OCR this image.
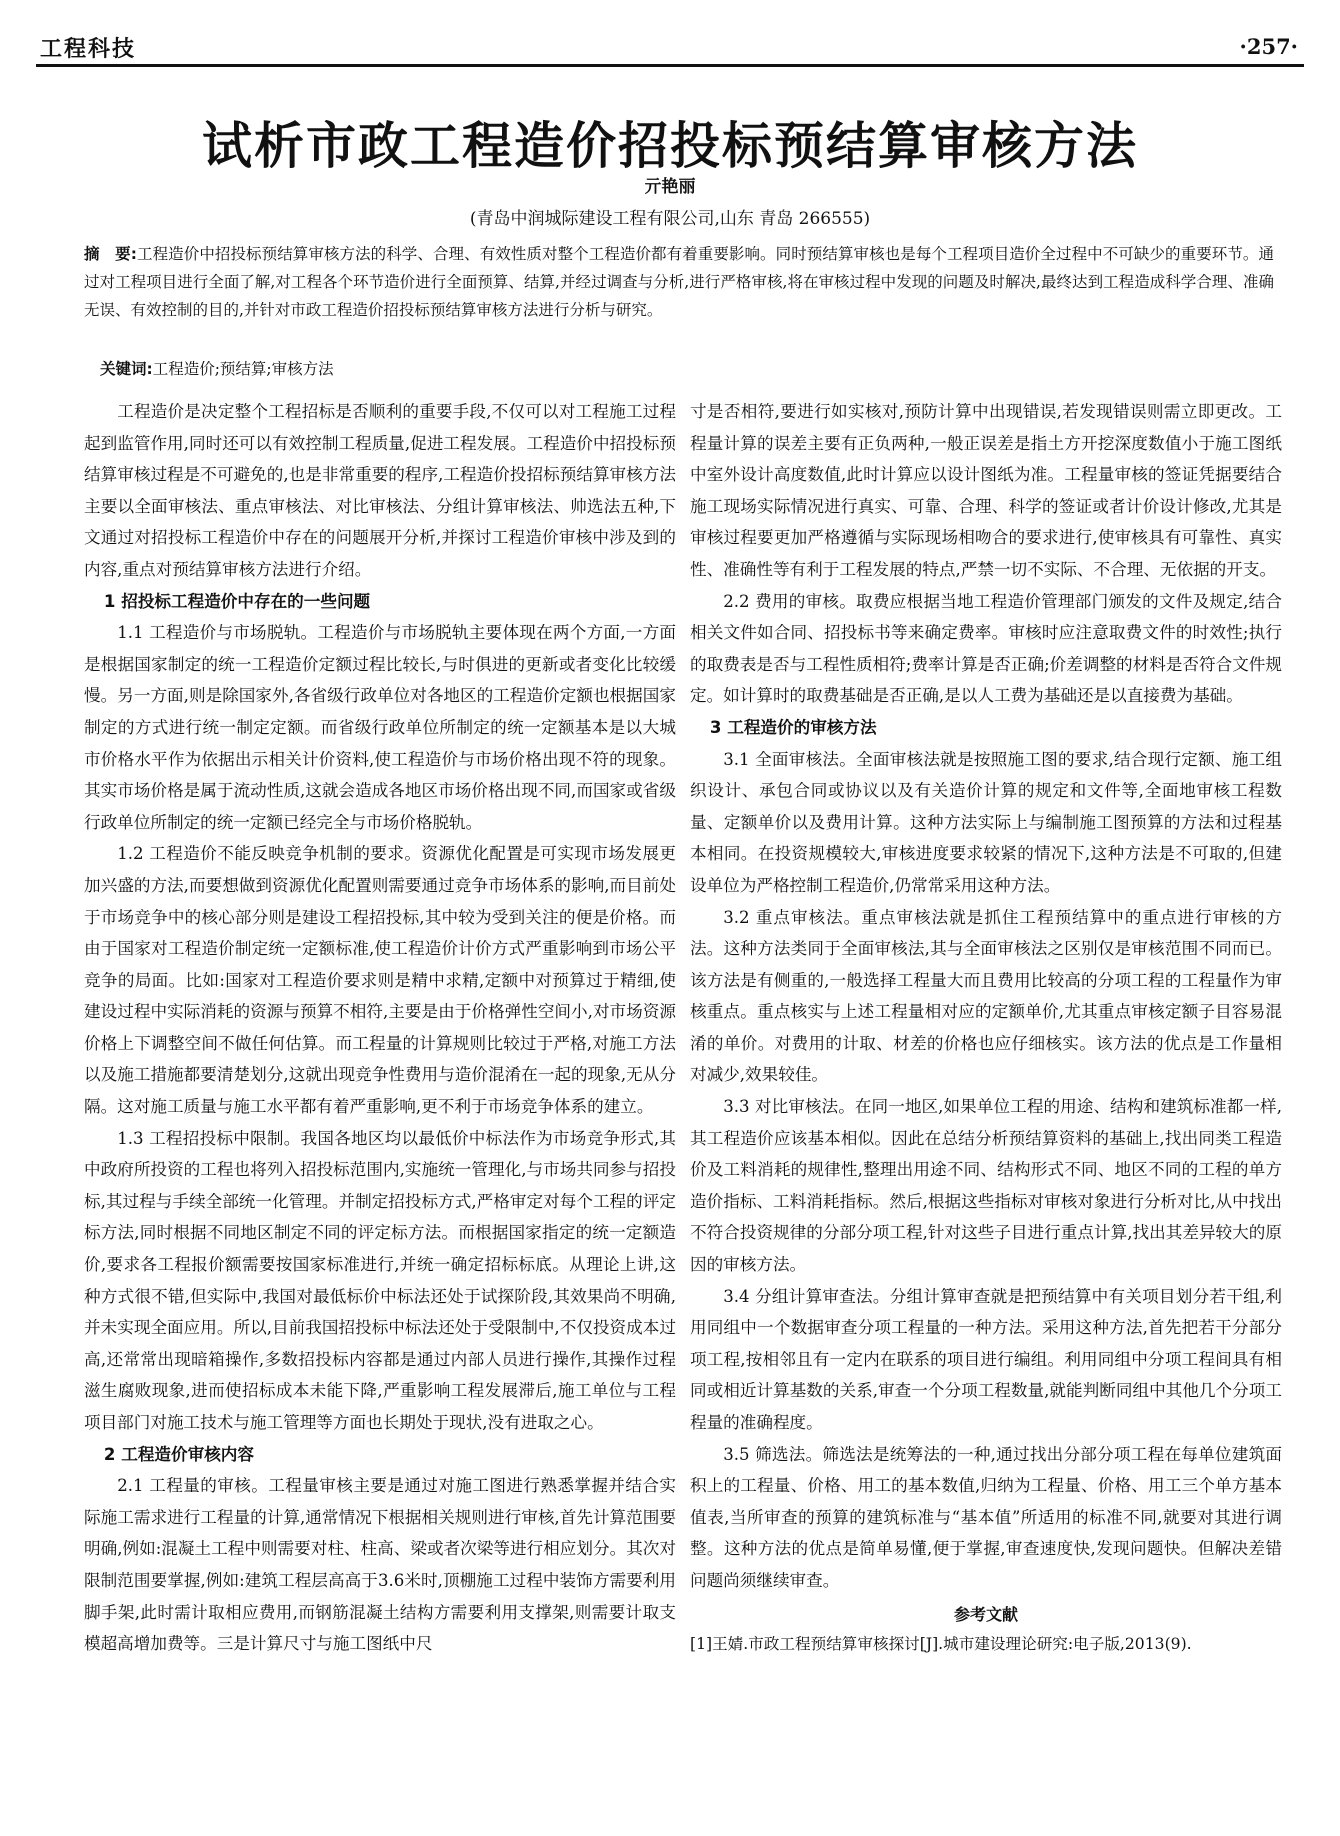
工程科技	·257·
试析市政工程造价招投标预结算审核方法
亓艳丽
(青岛中润城际建设工程有限公司,山东 青岛 266555)
摘　要:工程造价中招投标预结算审核方法的科学、合理、有效性质对整个工程造价都有着重要影响。同时预结算审核也是每个工程项目造价全过程中不可缺少的重要环节。通过对工程项目进行全面了解,对工程各个环节造价进行全面预算、结算,并经过调查与分析,进行严格审核,将在审核过程中发现的问题及时解决,最终达到工程造成科学合理、准确无误、有效控制的目的,并针对市政工程造价招投标预结算审核方法进行分析与研究。
关键词:工程造价;预结算;审核方法

工程造价是决定整个工程招标是否顺利的重要手段,不仅可以对工程施工过程起到监管作用,同时还可以有效控制工程质量,促进工程发展。工程造价中招投标预结算审核过程是不可避免的,也是非常重要的程序,工程造价投招标预结算审核方法主要以全面审核法、重点审核法、对比审核法、分组计算审核法、帅选法五种,下文通过对招投标工程造价中存在的问题展开分析,并探讨工程造价审核中涉及到的内容,重点对预结算审核方法进行介绍。

1 招投标工程造价中存在的一些问题

1.1 工程造价与市场脱轨。工程造价与市场脱轨主要体现在两个方面,一方面是根据国家制定的统一工程造价定额过程比较长,与时俱进的更新或者变化比较缓慢。另一方面,则是除国家外,各省级行政单位对各地区的工程造价定额也根据国家制定的方式进行统一制定定额。而省级行政单位所制定的统一定额基本是以大城市价格水平作为依据出示相关计价资料,使工程造价与市场价格出现不符的现象。其实市场价格是属于流动性质,这就会造成各地区市场价格出现不同,而国家或省级行政单位所制定的统一定额已经完全与市场价格脱轨。

1.2 工程造价不能反映竞争机制的要求。资源优化配置是可实现市场发展更加兴盛的方法,而要想做到资源优化配置则需要通过竞争市场体系的影响,而目前处于市场竞争中的核心部分则是建设工程招投标,其中较为受到关注的便是价格。而由于国家对工程造价制定统一定额标准,使工程造价计价方式严重影响到市场公平竞争的局面。比如:国家对工程造价要求则是精中求精,定额中对预算过于精细,使建设过程中实际消耗的资源与预算不相符,主要是由于价格弹性空间小,对市场资源价格上下调整空间不做任何估算。而工程量的计算规则比较过于严格,对施工方法以及施工措施都要清楚划分,这就出现竞争性费用与造价混淆在一起的现象,无从分隔。这对施工质量与施工水平都有着严重影响,更不利于市场竞争体系的建立。

1.3 工程招投标中限制。我国各地区均以最低价中标法作为市场竞争形式,其中政府所投资的工程也将列入招投标范围内,实施统一管理化,与市场共同参与招投标,其过程与手续全部统一化管理。并制定招投标方式,严格审定对每个工程的评定标方法,同时根据不同地区制定不同的评定标方法。而根据国家指定的统一定额造价,要求各工程报价额需要按国家标准进行,并统一确定招标标底。从理论上讲,这种方式很不错,但实际中,我国对最低标价中标法还处于试探阶段,其效果尚不明确,并未实现全面应用。所以,目前我国招投标中标法还处于受限制中,不仅投资成本过高,还常常出现暗箱操作,多数招投标内容都是通过内部人员进行操作,其操作过程滋生腐败现象,进而使招标成本未能下降,严重影响工程发展滞后,施工单位与工程项目部门对施工技术与施工管理等方面也长期处于现状,没有进取之心。

2 工程造价审核内容

2.1 工程量的审核。工程量审核主要是通过对施工图进行熟悉掌握并结合实际施工需求进行工程量的计算,通常情况下根据相关规则进行审核,首先计算范围要明确,例如:混凝土工程中则需要对柱、柱高、梁或者次梁等进行相应划分。其次对限制范围要掌握,例如:建筑工程层高高于3.6米时,顶棚施工过程中装饰方需要利用脚手架,此时需计取相应费用,而钢筋混凝土结构方需要利用支撑架,则需要计取支模超高增加费等。三是计算尺寸与施工图纸中尺

寸是否相符,要进行如实核对,预防计算中出现错误,若发现错误则需立即更改。工程量计算的误差主要有正负两种,一般正误差是指土方开挖深度数值小于施工图纸中室外设计高度数值,此时计算应以设计图纸为准。工程量审核的签证凭据要结合施工现场实际情况进行真实、可靠、合理、科学的签证或者计价设计修改,尤其是审核过程要更加严格遵循与实际现场相吻合的要求进行,使审核具有可靠性、真实性、准确性等有利于工程发展的特点,严禁一切不实际、不合理、无依据的开支。

2.2 费用的审核。取费应根据当地工程造价管理部门颁发的文件及规定,结合相关文件如合同、招投标书等来确定费率。审核时应注意取费文件的时效性;执行的取费表是否与工程性质相符;费率计算是否正确;价差调整的材料是否符合文件规定。如计算时的取费基础是否正确,是以人工费为基础还是以直接费为基础。

3 工程造价的审核方法

3.1 全面审核法。全面审核法就是按照施工图的要求,结合现行定额、施工组织设计、承包合同或协议以及有关造价计算的规定和文件等,全面地审核工程数量、定额单价以及费用计算。这种方法实际上与编制施工图预算的方法和过程基本相同。在投资规模较大,审核进度要求较紧的情况下,这种方法是不可取的,但建设单位为严格控制工程造价,仍常常采用这种方法。

3.2 重点审核法。重点审核法就是抓住工程预结算中的重点进行审核的方法。这种方法类同于全面审核法,其与全面审核法之区别仅是审核范围不同而已。该方法是有侧重的,一般选择工程量大而且费用比较高的分项工程的工程量作为审核重点。重点核实与上述工程量相对应的定额单价,尤其重点审核定额子目容易混淆的单价。对费用的计取、材差的价格也应仔细核实。该方法的优点是工作量相对减少,效果较佳。

3.3 对比审核法。在同一地区,如果单位工程的用途、结构和建筑标准都一样,其工程造价应该基本相似。因此在总结分析预结算资料的基础上,找出同类工程造价及工料消耗的规律性,整理出用途不同、结构形式不同、地区不同的工程的单方造价指标、工料消耗指标。然后,根据这些指标对审核对象进行分析对比,从中找出不符合投资规律的分部分项工程,针对这些子目进行重点计算,找出其差异较大的原因的审核方法。

3.4 分组计算审查法。分组计算审查就是把预结算中有关项目划分若干组,利用同组中一个数据审查分项工程量的一种方法。采用这种方法,首先把若干分部分项工程,按相邻且有一定内在联系的项目进行编组。利用同组中分项工程间具有相同或相近计算基数的关系,审查一个分项工程数量,就能判断同组中其他几个分项工程量的准确程度。

3.5 筛选法。筛选法是统筹法的一种,通过找出分部分项工程在每单位建筑面积上的工程量、价格、用工的基本数值,归纳为工程量、价格、用工三个单方基本值表,当所审查的预算的建筑标准与“基本值”所适用的标准不同,就要对其进行调整。这种方法的优点是简单易懂,便于掌握,审查速度快,发现问题快。但解决差错问题尚须继续审查。

参考文献

[1]王婧.市政工程预结算审核探讨[J].城市建设理论研究:电子版,2013(9).
